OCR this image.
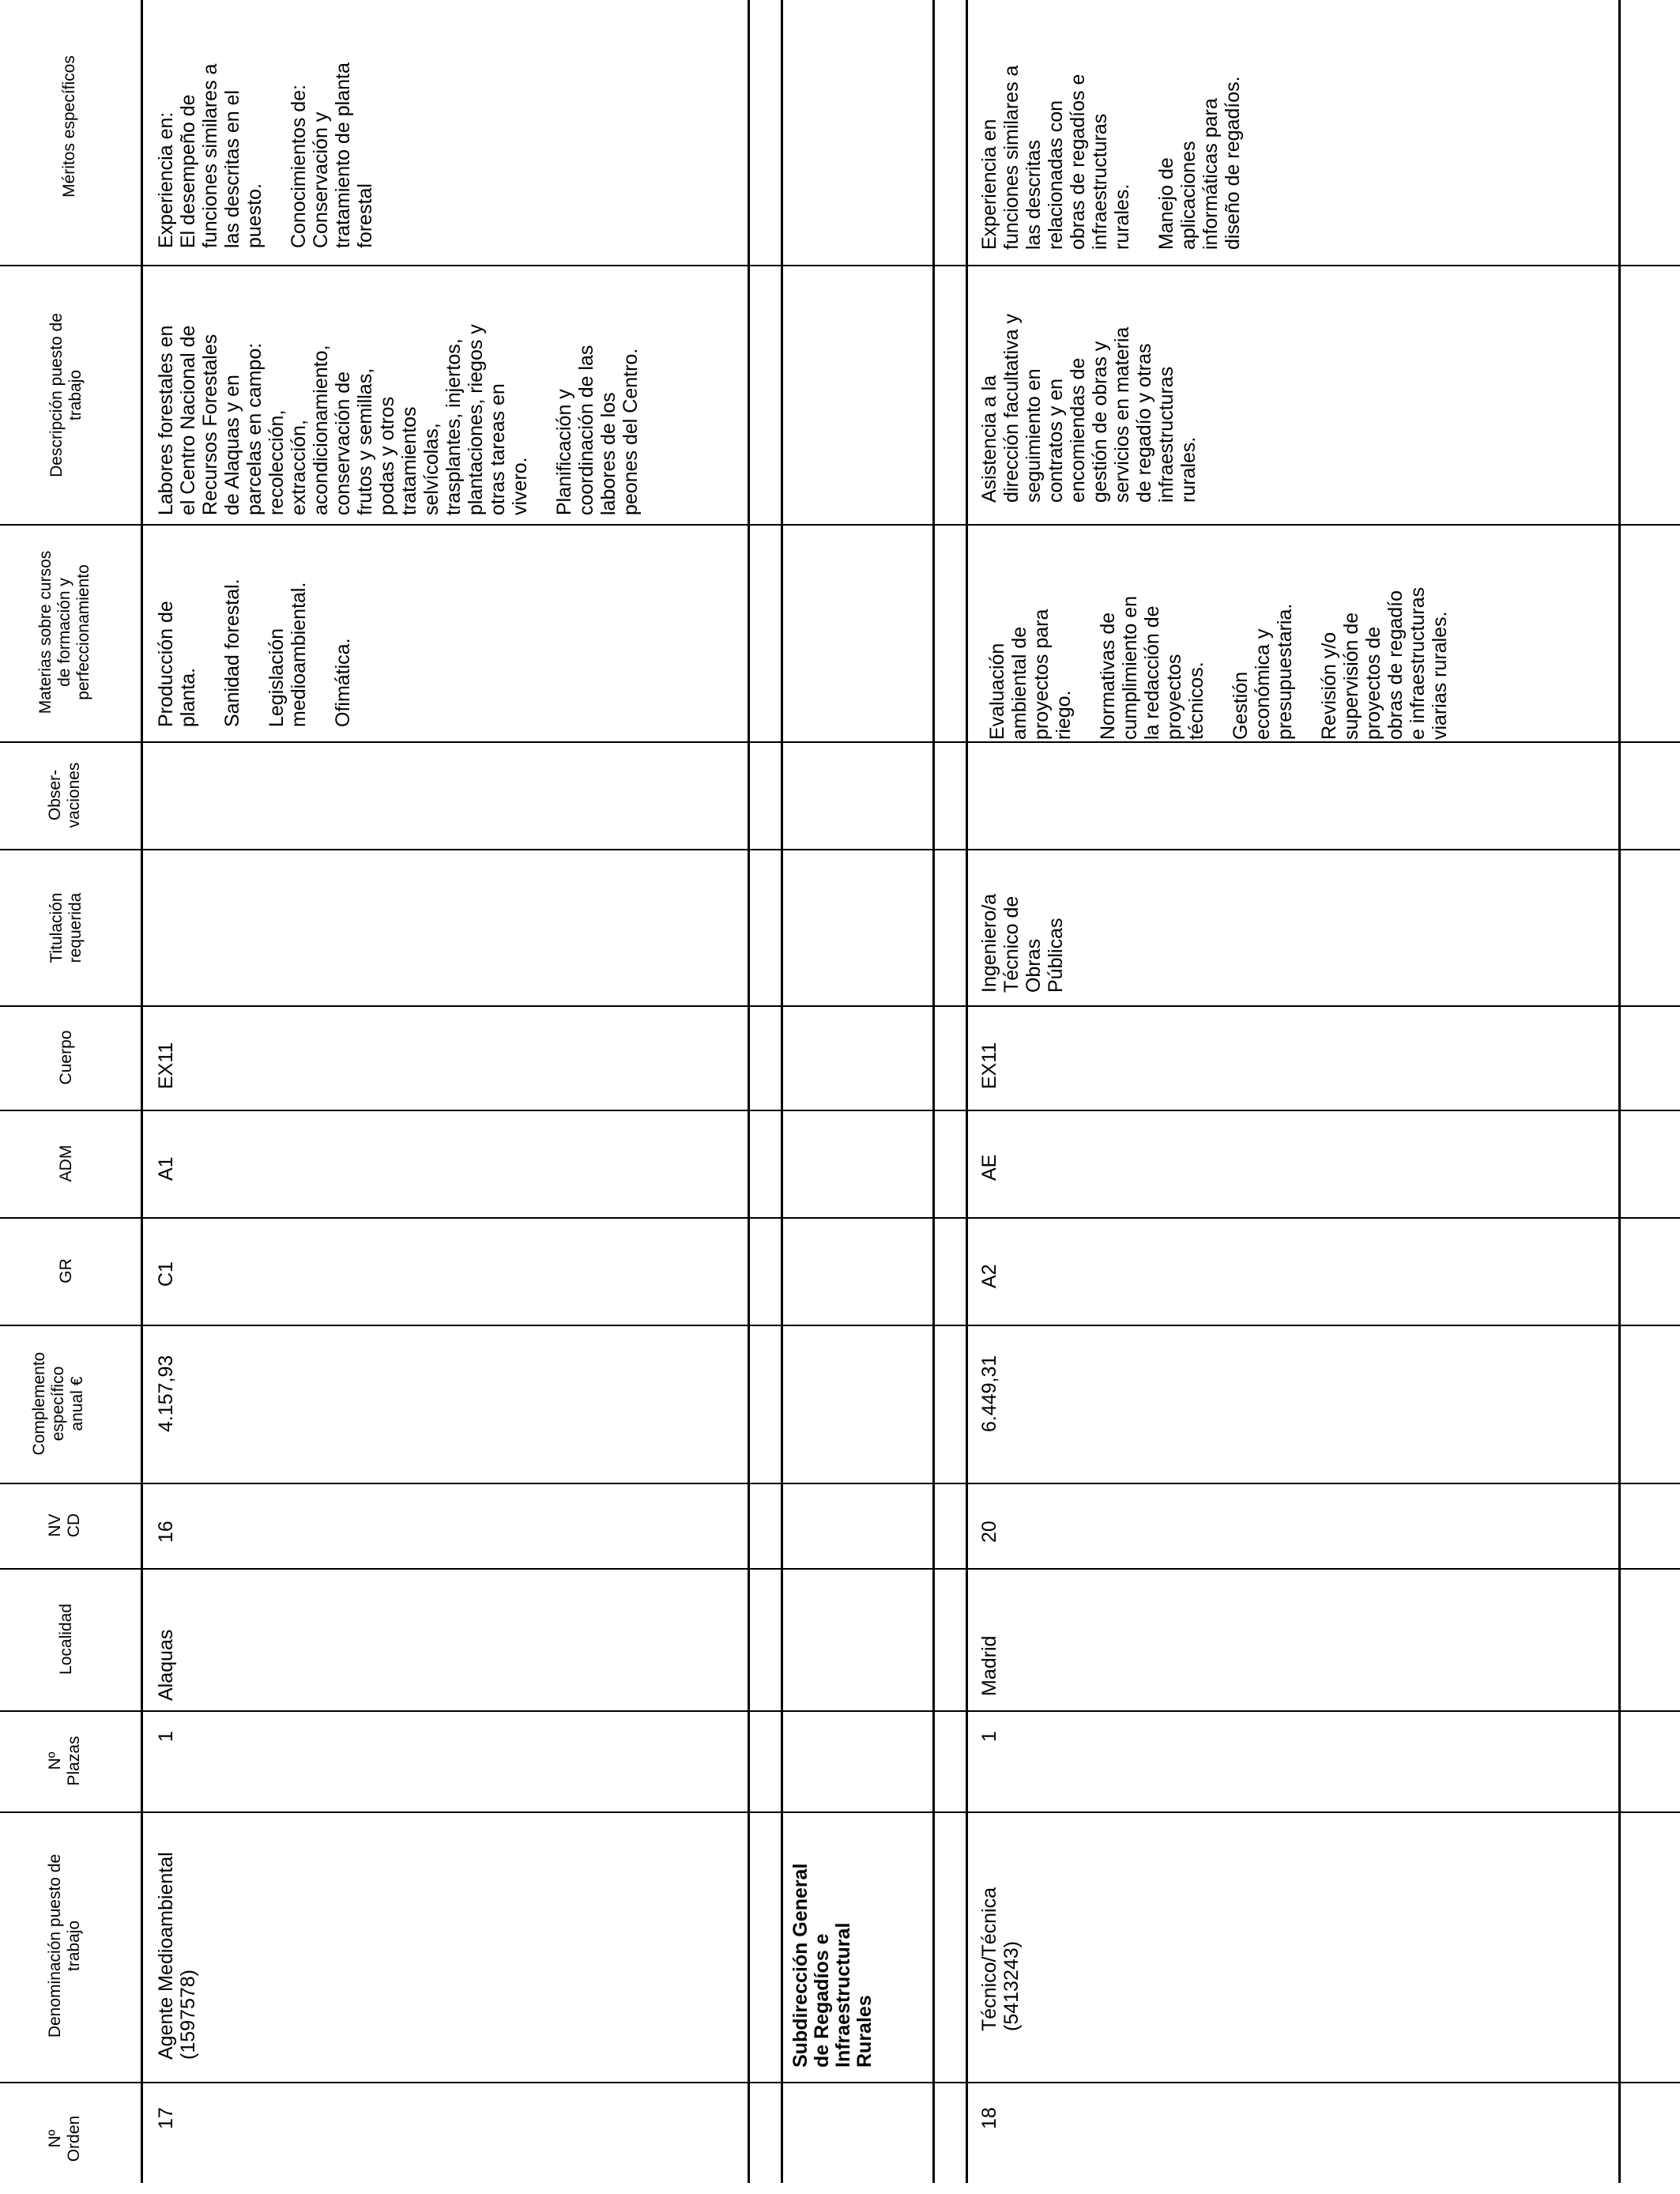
Méritos específicos
Descripción puesto de
trabajo
Materias sobre cursos
de formación y
perfeccionamiento
Obser-
vaciones
Titulación
requerida
Cuerpo
ADM
GR
Complemento
específico
anual €
NV
CD
Localidad
Nº
Plazas
Denominación puesto de
trabajo
Nº
Orden
Experiencia en:
El desempeño de
funciones similares a
las descritas en el
puesto.

Conocimientos de:
Conservación y
tratamiento de planta
forestal
Labores forestales en
el Centro Nacional de
Recursos Forestales
de Alaquas y en
parcelas en campo:
recolección,
extracción,
acondicionamiento,
conservación de
frutos y semillas,
podas y otros
tratamientos
selvícolas,
trasplantes, injertos,
plantaciones, riegos y
otras tareas en
vivero.

Planificación y
coordinación de las
labores de los
peones del Centro.
Producción de
planta.

Sanidad forestal.

Legislación
medioambiental.

Ofimática.
EX11
A1
C1
4.157,93
16
Alaquas
1
Agente Medioambiental
(1597578)
17
Subdirección General
de Regadíos e
Infraestructural
Rurales
Experiencia en
funciones similares a
las descritas
relacionadas con
obras de regadíos e
infraestructuras
rurales.

Manejo de
aplicaciones
informáticas para
diseño de regadíos.
Asistencia a la
dirección facultativa y
seguimiento en
contratos y en
encomiendas de
gestión de obras y
servicios en materia
de regadío y otras
infraestructuras
rurales.
Evaluación
ambiental de
proyectos para
riego.

Normativas de
cumplimiento en
la redacción de
proyectos
técnicos.

Gestión
económica y
presupuestaria.

Revisión y/o
supervisión de
proyectos de
obras de regadío
e infraestructuras
viarias rurales.
Ingeniero/a
Técnico de
Obras
Públicas
EX11
AE
A2
6.449,31
20
Madrid
1
Técnico/Técnica
(5413243)
18
